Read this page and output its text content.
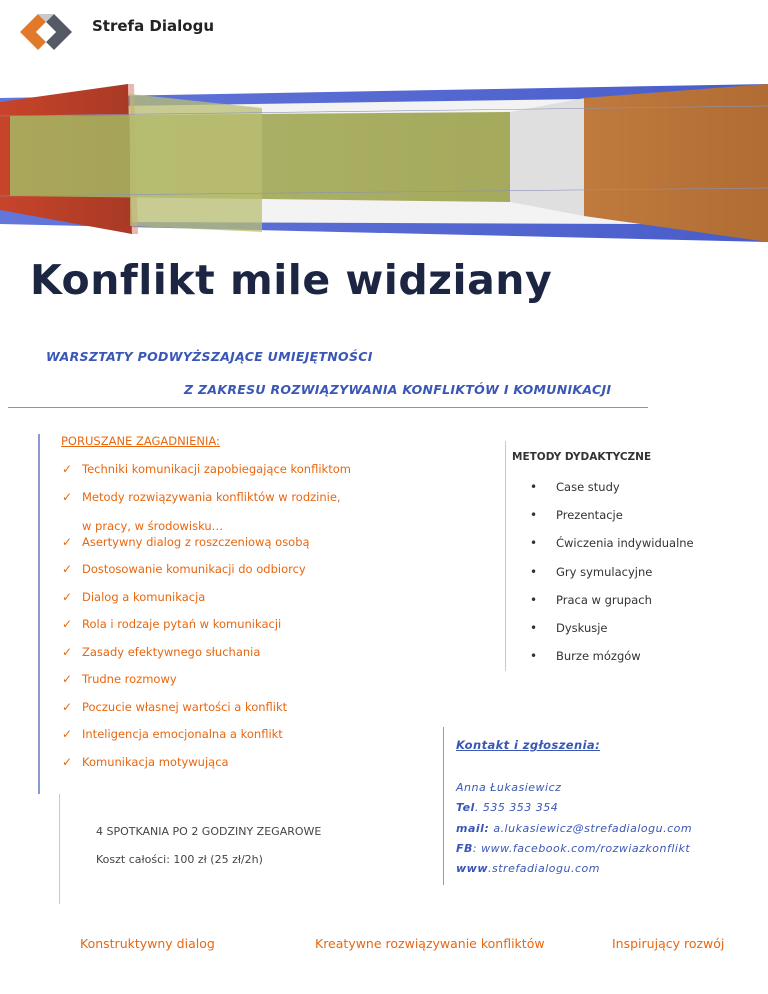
Strefa Dialogu
Konflikt mile widziany
WARSZTATY PODWYŻSZAJĄCE UMIEJĘTNOŚCI
Z ZAKRESU ROZWIĄZYWANIA KONFLIKTÓW I KOMUNIKACJI
PORUSZANE ZAGADNIENIA:
✓ Techniki komunikacji zapobiegające konfliktom
✓ Metody rozwiązywania konfliktów w rodzinie,
w pracy, w środowisku…
✓ Asertywny dialog z roszczeniową osobą
✓ Dostosowanie komunikacji do odbiorcy
✓ Dialog a komunikacja
✓ Rola i rodzaje pytań w komunikacji
✓ Zasady efektywnego słuchania
✓ Trudne rozmowy
✓ Poczucie własnej wartości a konflikt
✓ Inteligencja emocjonalna a konflikt
✓ Komunikacja motywująca
METODY DYDAKTYCZNE
• Case study
• Prezentacje
• Ćwiczenia indywidualne
• Gry symulacyjne
• Praca w grupach
• Dyskusje
• Burze mózgów
4 SPOTKANIA PO 2 GODZINY ZEGAROWE
Koszt całości: 100 zł (25 zł/2h)
Kontakt i zgłoszenia:
Anna Łukasiewicz
Tel. 535 353 354
mail: a.lukasiewicz@strefadialogu.com
FB: www.facebook.com/rozwiazkonflikt
www.strefadialogu.com
Konstruktywny dialog	Kreatywne rozwiązywanie konfliktów	Inspirujący rozwój
